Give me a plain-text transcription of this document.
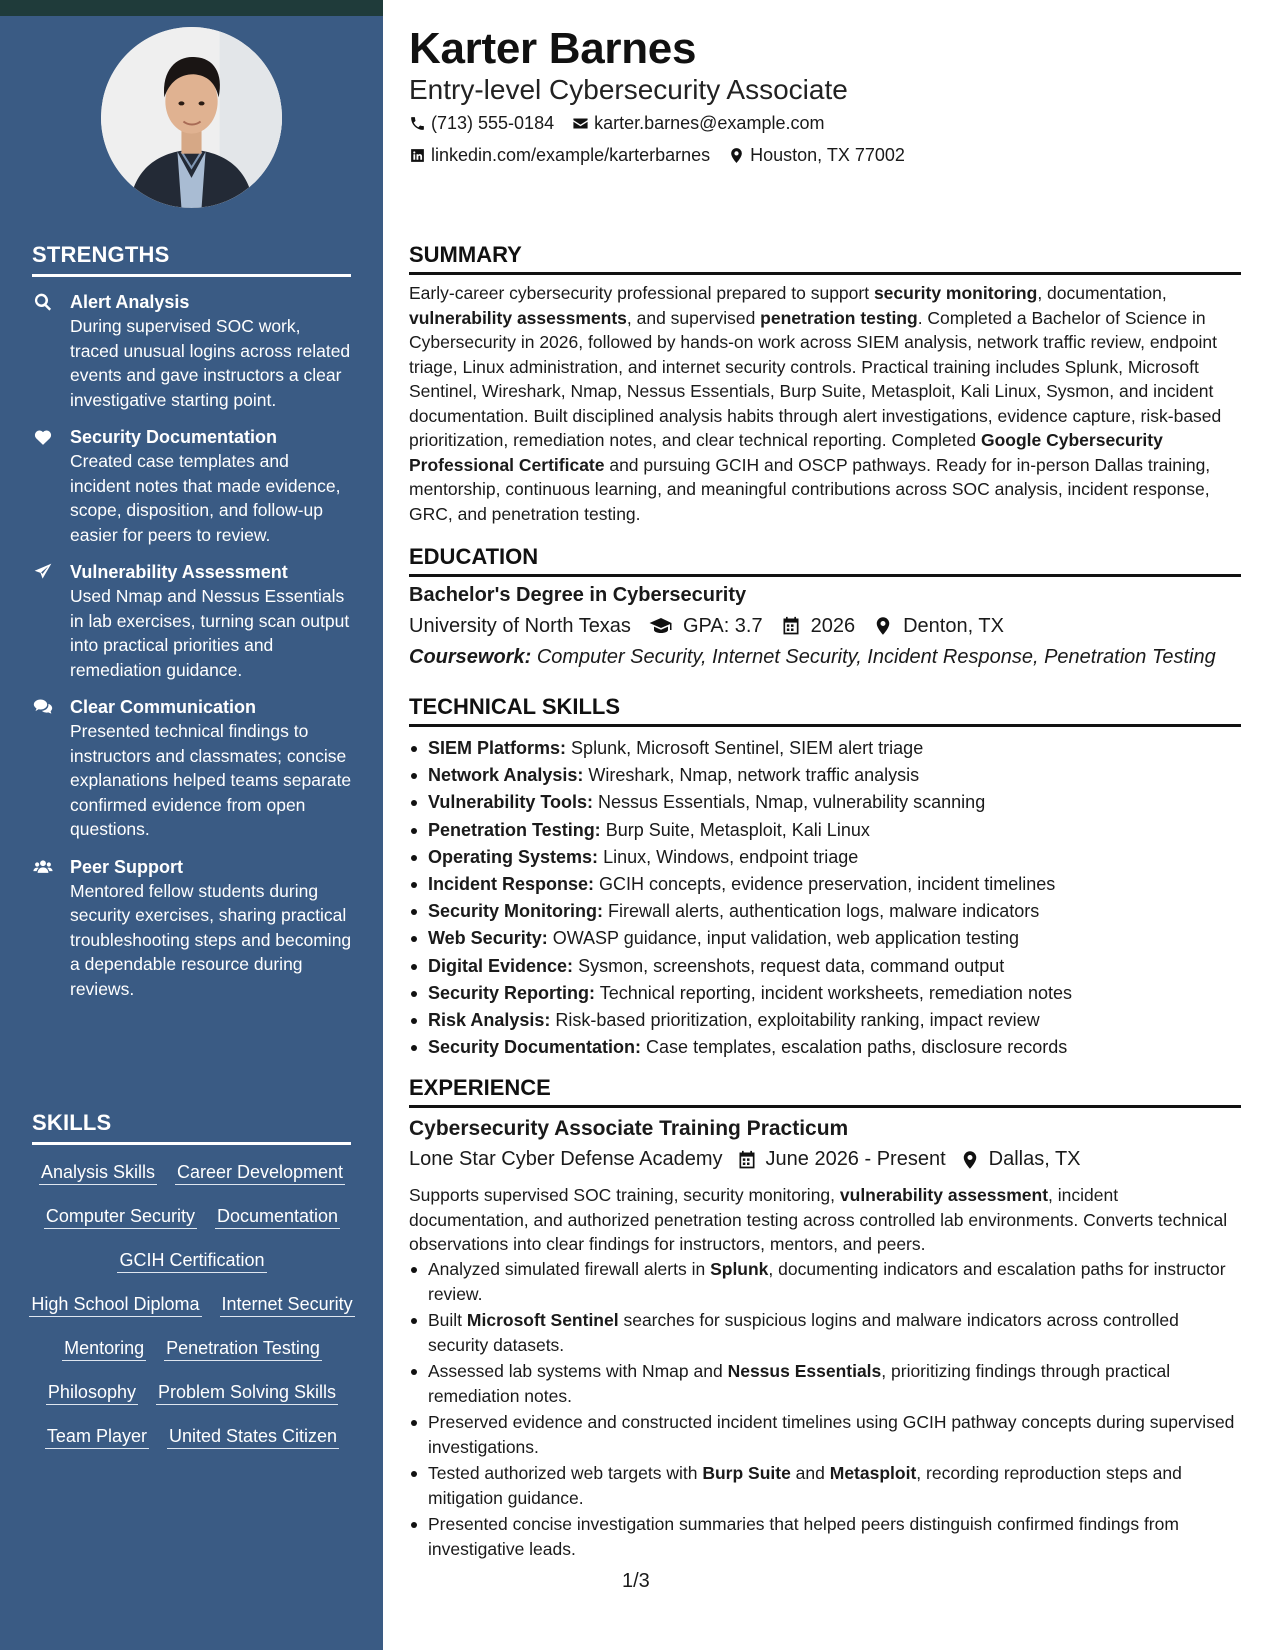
STRENGTHS
Alert Analysis
During supervised SOC work, traced unusual logins across related events and gave instructors a clear investigative starting point.
Security Documentation
Created case templates and incident notes that made evidence, scope, disposition, and follow-up easier for peers to review.
Vulnerability Assessment
Used Nmap and Nessus Essentials in lab exercises, turning scan output into practical priorities and remediation guidance.
Clear Communication
Presented technical findings to instructors and classmates; concise explanations helped teams separate confirmed evidence from open questions.
Peer Support
Mentored fellow students during security exercises, sharing practical troubleshooting steps and becoming a dependable resource during reviews.
SKILLS
Analysis Skills Career Development
Computer Security Documentation
GCIH Certification
High School Diploma Internet Security
Mentoring Penetration Testing
Philosophy Problem Solving Skills
Team Player United States Citizen
Karter Barnes
Entry-level Cybersecurity Associate
(713) 555-0184 karter.barnes@example.com
linkedin.com/example/karterbarnes Houston, TX 77002
SUMMARY

Early-career cybersecurity professional prepared to support security monitoring, documentation, vulnerability assessments, and supervised penetration testing. Completed a Bachelor of Science in Cybersecurity in 2026, followed by hands-on work across SIEM analysis, network traffic review, endpoint triage, Linux administration, and internet security controls. Practical training includes Splunk, Microsoft Sentinel, Wireshark, Nmap, Nessus Essentials, Burp Suite, Metasploit, Kali Linux, Sysmon, and incident documentation. Built disciplined analysis habits through alert investigations, evidence capture, risk-based prioritization, remediation notes, and clear technical reporting. Completed Google Cybersecurity Professional Certificate and pursuing GCIH and OSCP pathways. Ready for in-person Dallas training, mentorship, continuous learning, and meaningful contributions across SOC analysis, incident response, GRC, and penetration testing.

EDUCATION
Bachelor's Degree in Cybersecurity
University of North Texas	GPA: 3.7 2026 Denton, TX
Coursework: Computer Security, Internet Security, Incident Response, Penetration Testing
TECHNICAL SKILLS
SIEM Platforms: Splunk, Microsoft Sentinel, SIEM alert triage
Network Analysis: Wireshark, Nmap, network traffic analysis
Vulnerability Tools: Nessus Essentials, Nmap, vulnerability scanning
Penetration Testing: Burp Suite, Metasploit, Kali Linux
Operating Systems: Linux, Windows, endpoint triage
Incident Response: GCIH concepts, evidence preservation, incident timelines
Security Monitoring: Firewall alerts, authentication logs, malware indicators
Web Security: OWASP guidance, input validation, web application testing
Digital Evidence: Sysmon, screenshots, request data, command output
Security Reporting: Technical reporting, incident worksheets, remediation notes
Risk Analysis: Risk-based prioritization, exploitability ranking, impact review
Security Documentation: Case templates, escalation paths, disclosure records
EXPERIENCE
Cybersecurity Associate Training Practicum
Lone Star Cyber Defense Academy June 2026 - Present Dallas, TX

Supports supervised SOC training, security monitoring, vulnerability assessment, incident documentation, and authorized penetration testing across controlled lab environments. Converts technical observations into clear findings for instructors, mentors, and peers.

Analyzed simulated firewall alerts in Splunk, documenting indicators and escalation paths for instructor review.
Built Microsoft Sentinel searches for suspicious logins and malware indicators across controlled security datasets.
Assessed lab systems with Nmap and Nessus Essentials, prioritizing findings through practical remediation notes.
Preserved evidence and constructed incident timelines using GCIH pathway concepts during supervised investigations.
Tested authorized web targets with Burp Suite and Metasploit, recording reproduction steps and mitigation guidance.
Presented concise investigation summaries that helped peers distinguish confirmed findings from investigative leads.
1/3
